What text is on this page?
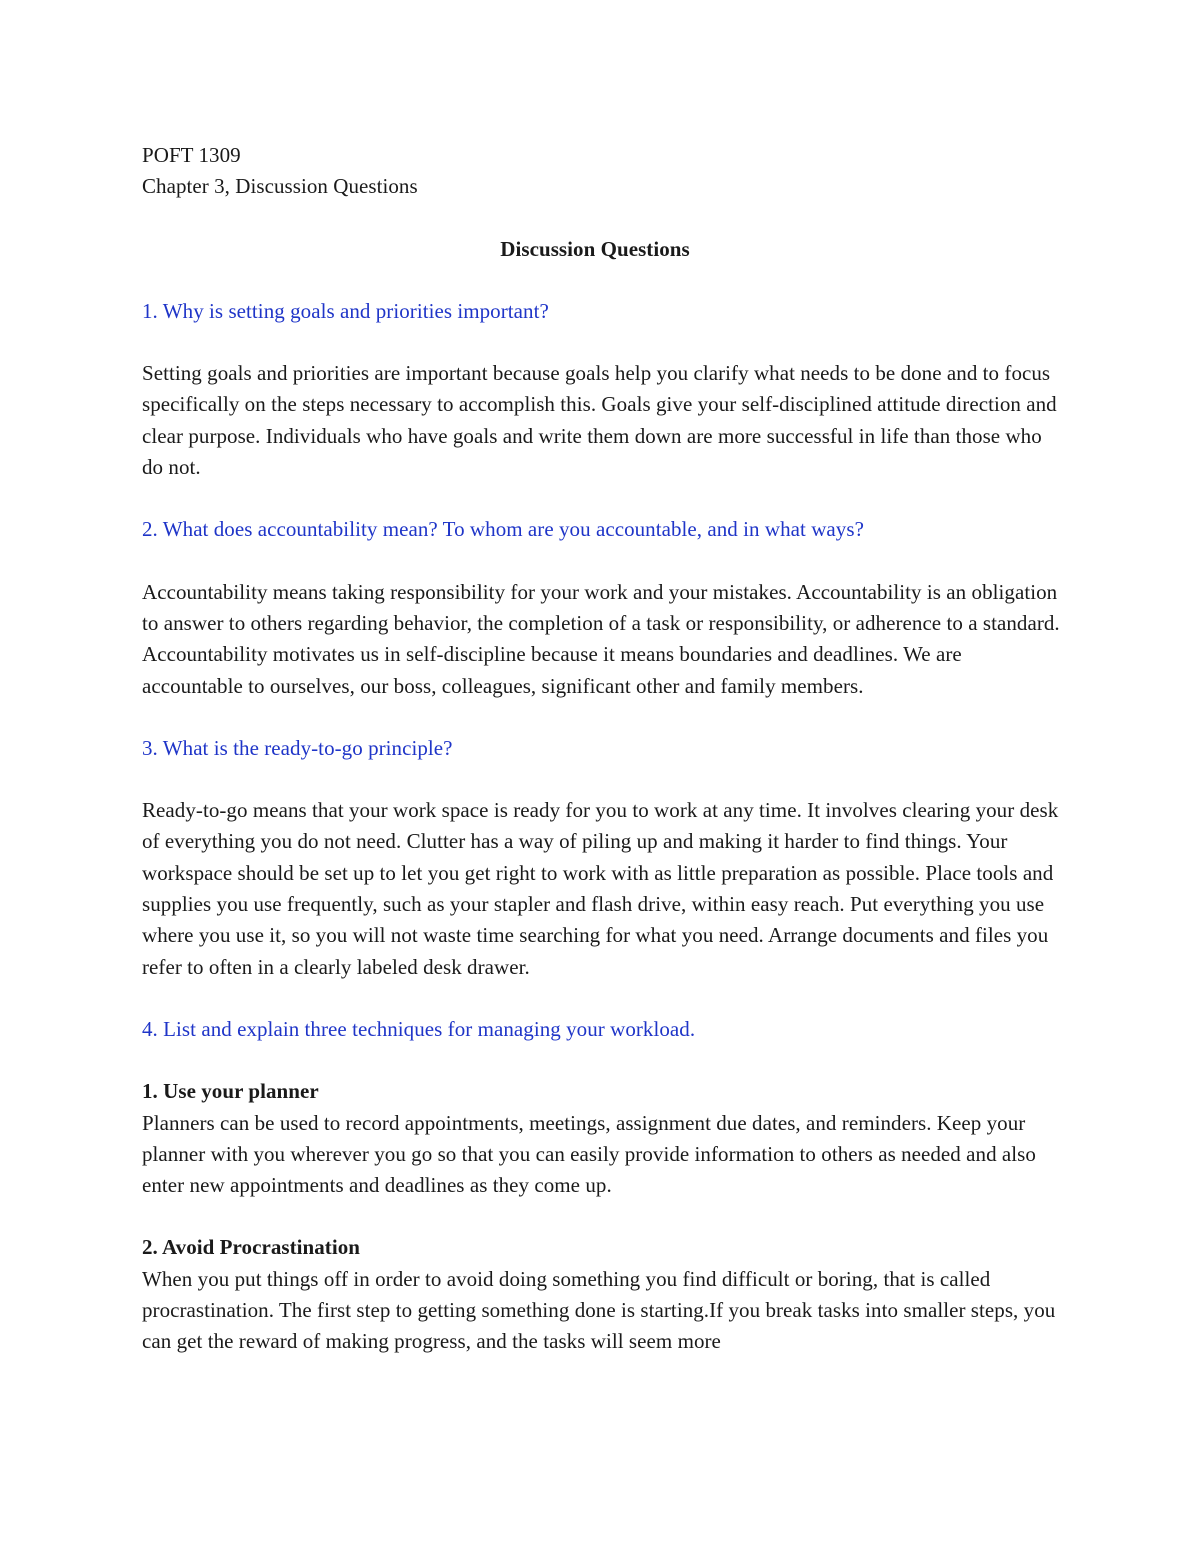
POFT 1309

Chapter 3, Discussion Questions

Discussion Questions

1. Why is setting goals and priorities important?

Setting goals and priorities are important because goals help you clarify what needs to be done and to focus specifically on the steps necessary to accomplish this. Goals give your self-disciplined attitude direction and clear purpose. Individuals who have goals and write them down are more successful in life than those who do not.

2. What does accountability mean? To whom are you accountable, and in what ways?

Accountability means taking responsibility for your work and your mistakes. Accountability is an obligation to answer to others regarding behavior, the completion of a task or responsibility, or adherence to a standard. Accountability motivates us in self-discipline because it means boundaries and deadlines. We are accountable to ourselves, our boss, colleagues, significant other and family members.

3. What is the ready-to-go principle?

Ready-to-go means that your work space is ready for you to work at any time. It involves clearing your desk of everything you do not need. Clutter has a way of piling up and making it harder to find things. Your workspace should be set up to let you get right to work with as little preparation as possible. Place tools and supplies you use frequently, such as your stapler and flash drive, within easy reach. Put everything you use where you use it, so you will not waste time searching for what you need. Arrange documents and files you refer to often in a clearly labeled desk drawer.

4. List and explain three techniques for managing your workload.

1. Use your planner

Planners can be used to record appointments, meetings, assignment due dates, and reminders. Keep your planner with you wherever you go so that you can easily provide information to others as needed and also enter new appointments and deadlines as they come up.

2. Avoid Procrastination

When you put things off in order to avoid doing something you find difficult or boring, that is called procrastination. The first step to getting something done is starting.If you break tasks into smaller steps, you can get the reward of making progress, and the tasks will seem more
